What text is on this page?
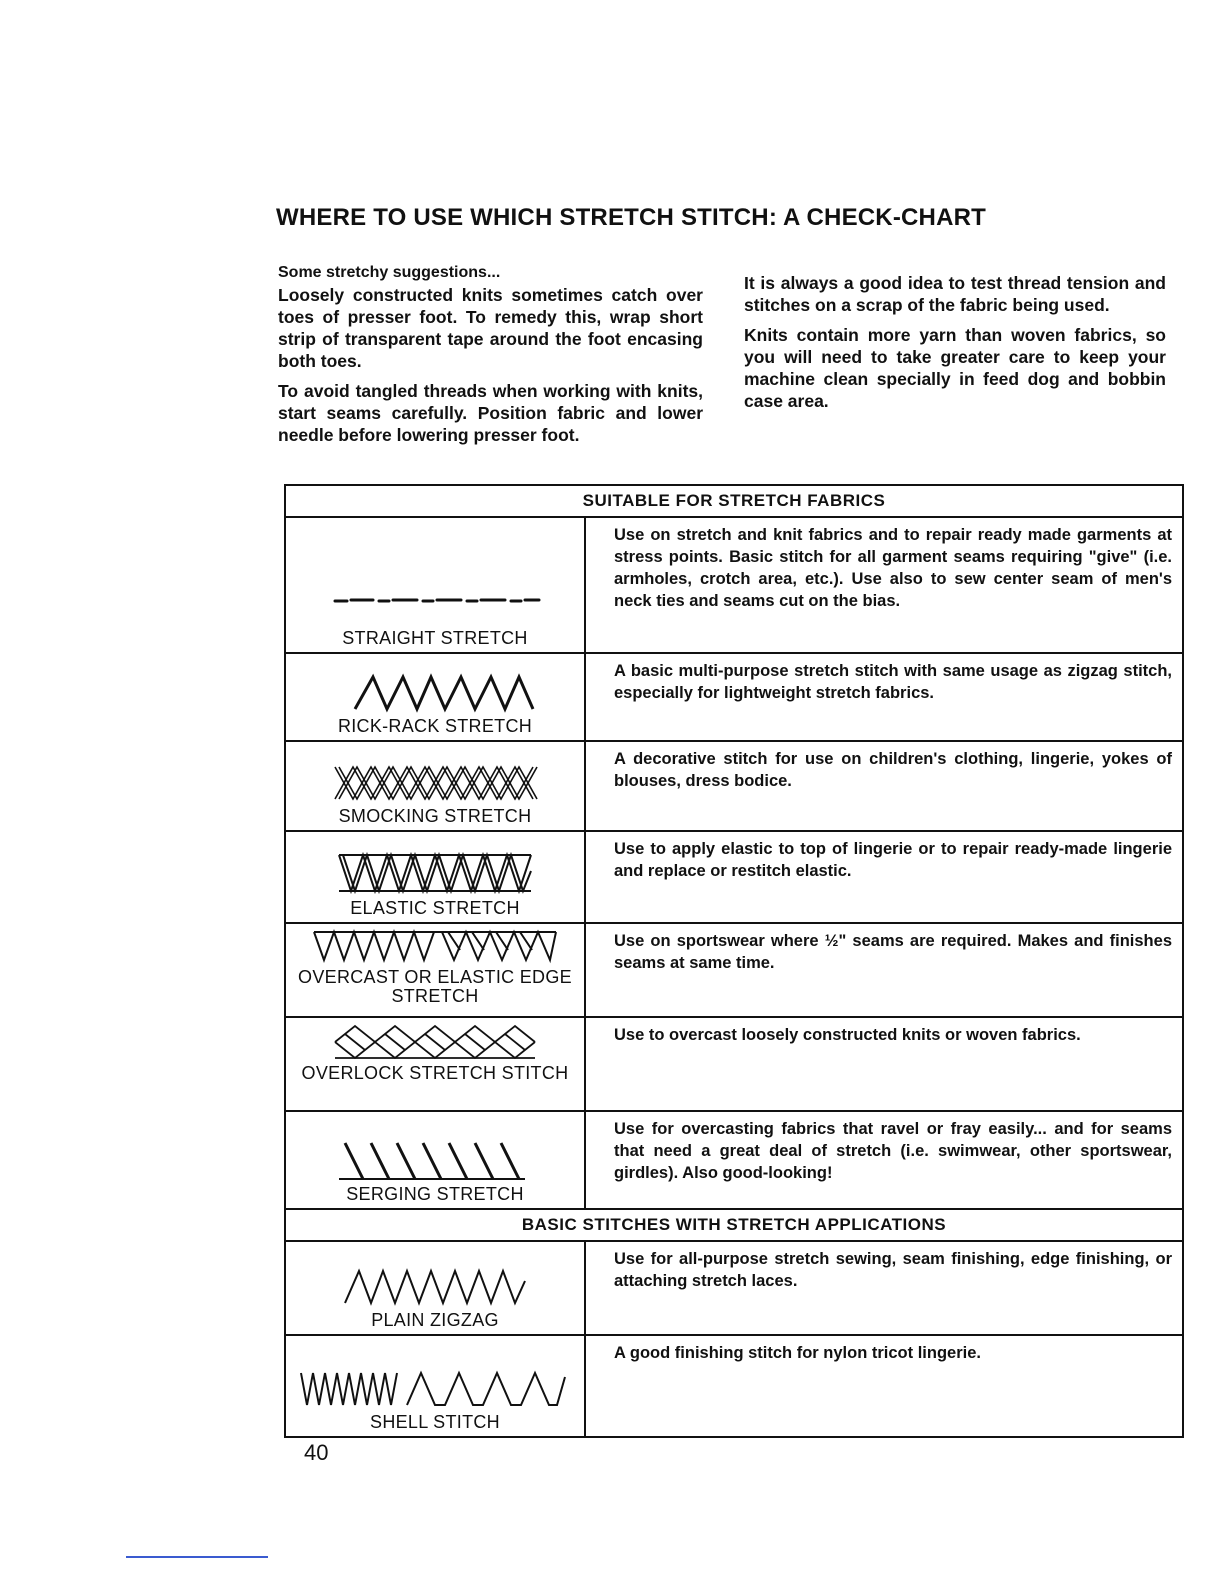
WHERE TO USE WHICH STRETCH STITCH: A CHECK-CHART
Some stretchy suggestions...

Loosely constructed knits sometimes catch over toes of presser foot. To remedy this, wrap short strip of transparent tape around the foot encasing both toes.

To avoid tangled threads when working with knits, start seams carefully. Position fabric and lower needle before lowering presser foot.

It is always a good idea to test thread tension and stitches on a scrap of the fabric being used.

Knits contain more yarn than woven fabrics, so you will need to take greater care to keep your machine clean specially in feed dog and bobbin case area.

SUITABLE FOR STRETCH FABRICS
STRAIGHT STRETCH
Use on stretch and knit fabrics and to repair ready made garments at stress points. Basic stitch for all garment seams requiring "give" (i.e. armholes, crotch area, etc.). Use also to sew center seam of men's neck ties and seams cut on the bias.
RICK-RACK STRETCH
A basic multi-purpose stretch stitch with same usage as zigzag stitch, especially for lightweight stretch fabrics.
SMOCKING STRETCH
A decorative stitch for use on children's clothing, lingerie, yokes of blouses, dress bodice.
ELASTIC STRETCH
Use to apply elastic to top of lingerie or to repair ready-made lingerie and replace or restitch elastic.
OVERCAST OR ELASTIC EDGE STRETCH
Use on sportswear where ½" seams are required. Makes and finishes seams at same time.
OVERLOCK STRETCH STITCH
Use to overcast loosely constructed knits or woven fabrics.
SERGING STRETCH
Use for overcasting fabrics that ravel or fray easily... and for seams that need a great deal of stretch (i.e. swimwear, other sportswear, girdles). Also good-looking!
BASIC STITCHES WITH STRETCH APPLICATIONS
PLAIN ZIGZAG
Use for all-purpose stretch sewing, seam finishing, edge finishing, or attaching stretch laces.
SHELL STITCH
A good finishing stitch for nylon tricot lingerie.
40
